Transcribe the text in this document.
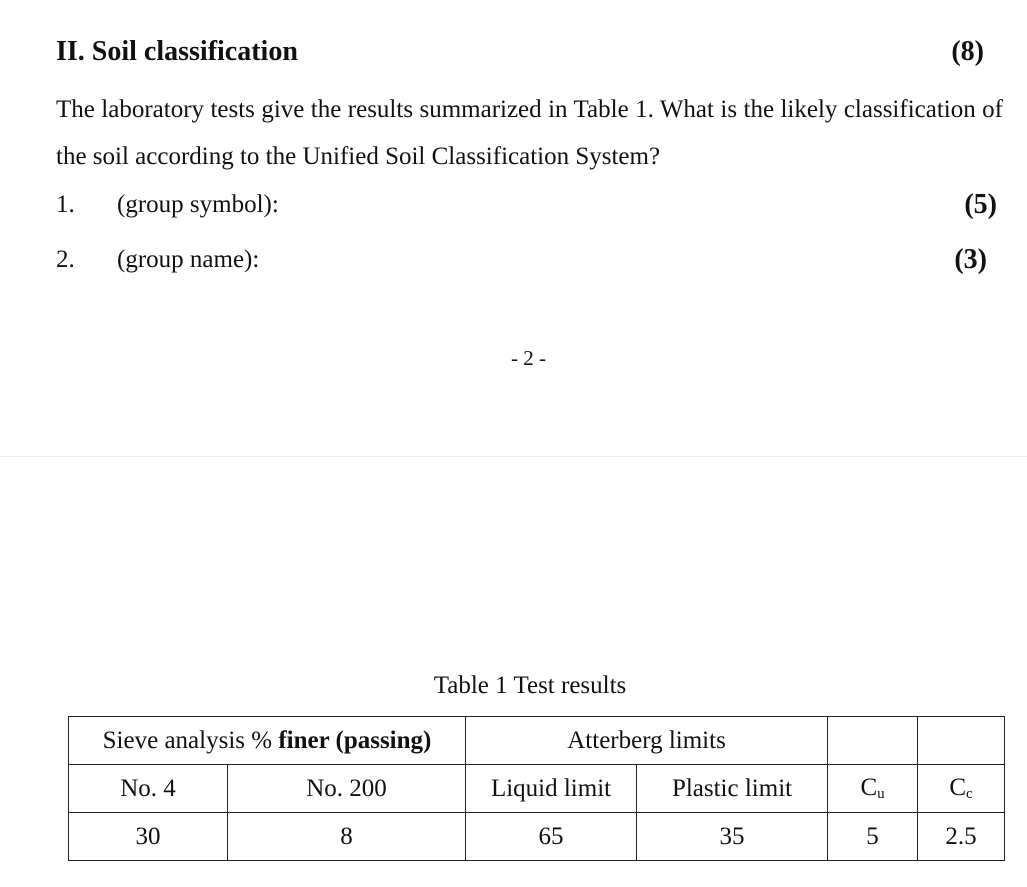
II. Soil classification	(8)
The laboratory tests give the results summarized in Table 1. What is the likely classification of the soil according to the Unified Soil Classification System?
1. (group symbol):	(5)
2. (group name):	(3)
- 2 -
Table 1 Test results
Sieve analysis % finer (passing)		Atterberg limits			
No. 4	No. 200	Liquid limit	Plastic limit	$C_u$	$C_c$
30	8	65	35	5	2.5
